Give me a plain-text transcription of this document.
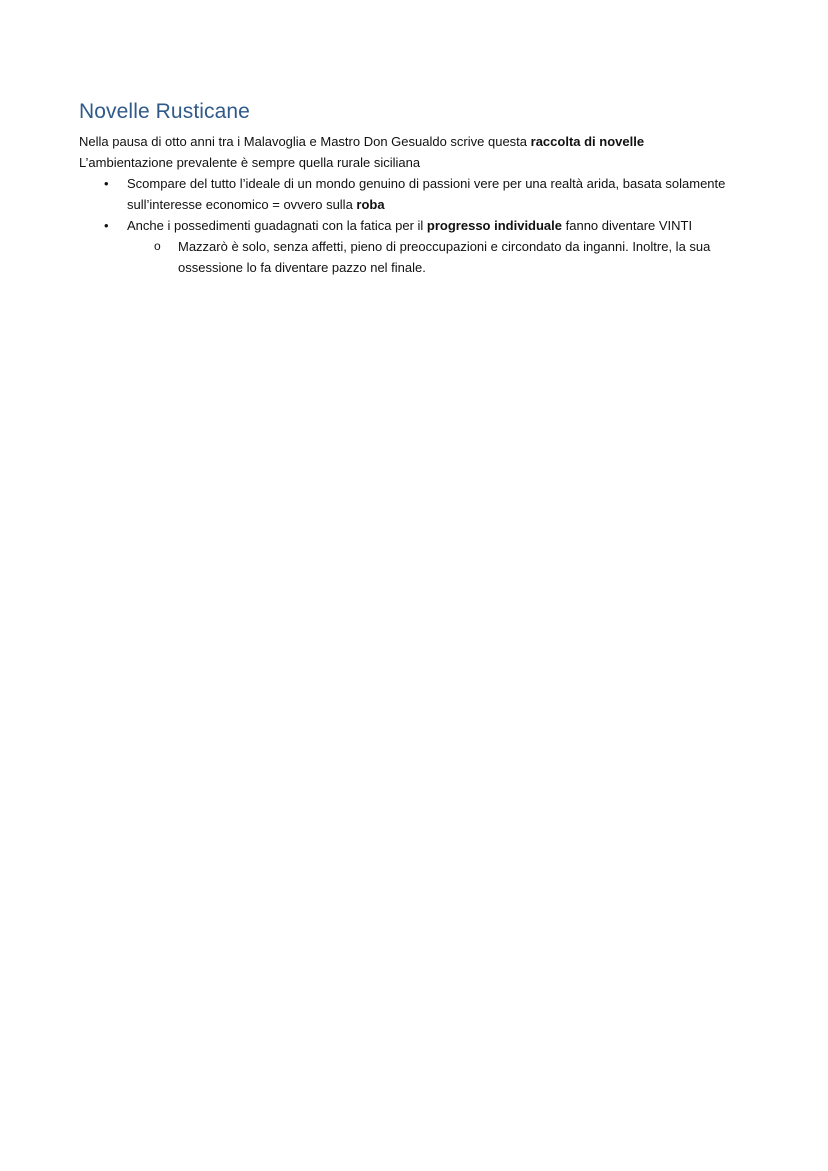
Novelle Rusticane

Nella pausa di otto anni tra i Malavoglia e Mastro Don Gesualdo scrive questa raccolta di novelle

L’ambientazione prevalente è sempre quella rurale siciliana

• Scompare del tutto l’ideale di un mondo genuino di passioni vere per una realtà arida, basata solamente sull’interesse economico = ovvero sulla roba
• Anche i possedimenti guadagnati con la fatica per il progresso individuale fanno diventare VINTI
o Mazzarò è solo, senza affetti, pieno di preoccupazioni e circondato da inganni. Inoltre, la sua ossessione lo fa diventare pazzo nel finale.
